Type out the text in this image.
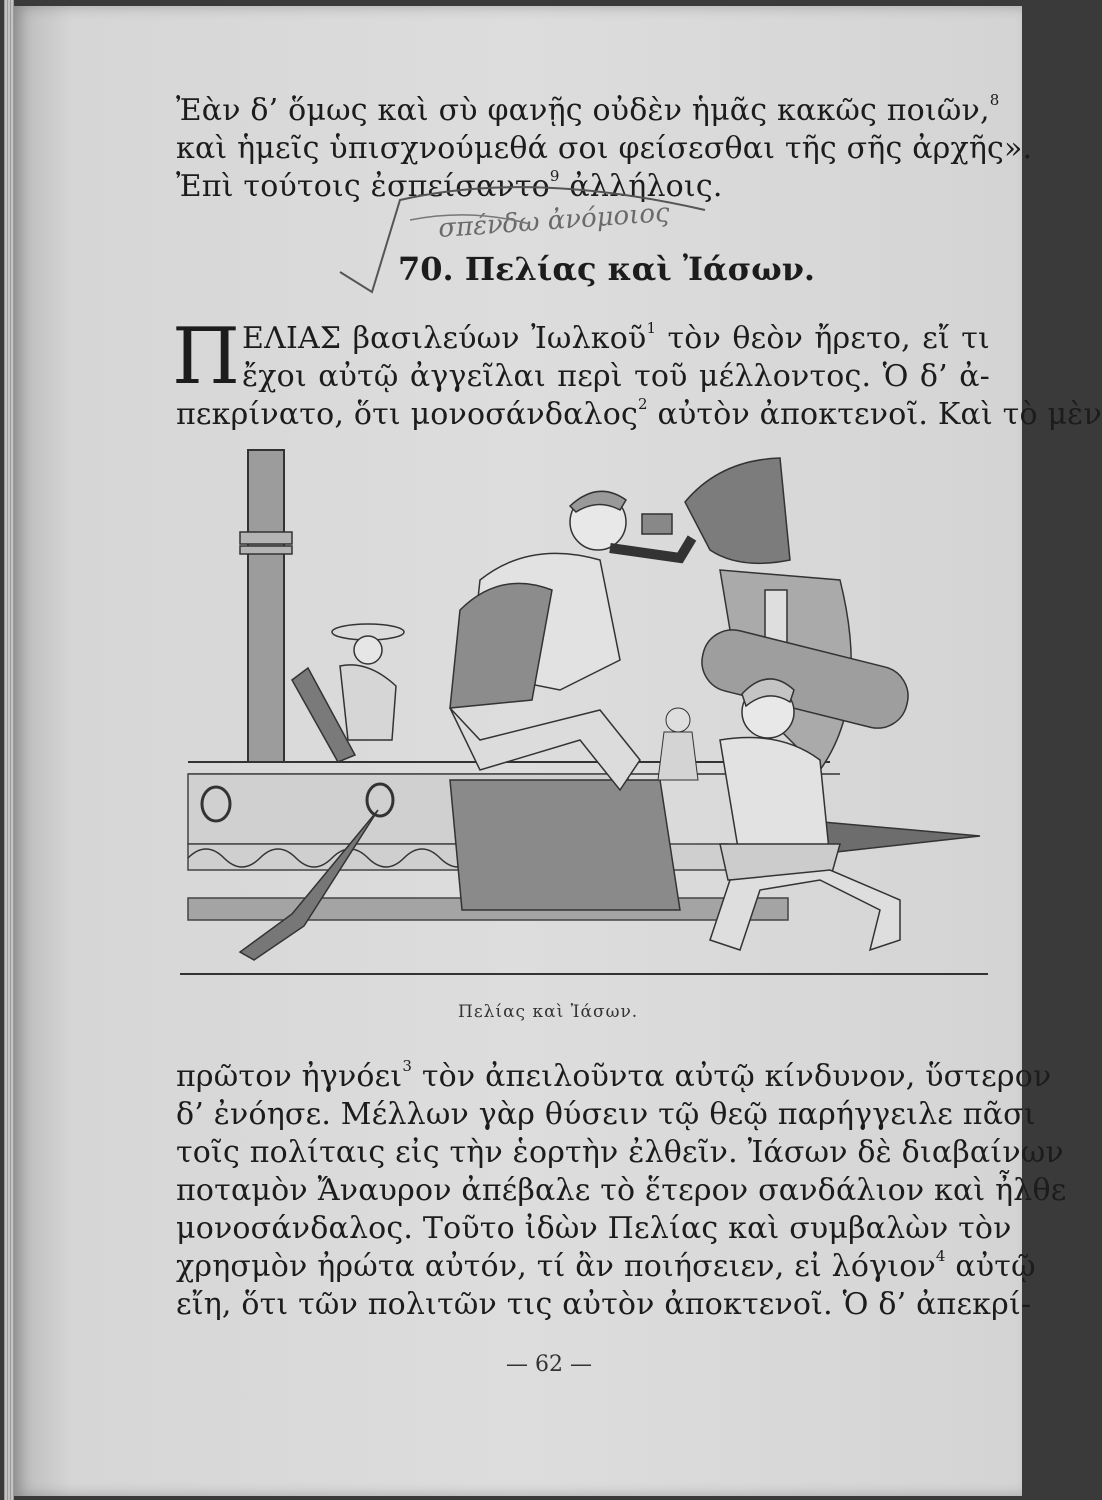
Ἐὰν δ’ ὅμως καὶ σὺ φανῇς οὐδὲν ἡμᾶς κακῶς ποιῶν,$^8$
καὶ ἡμεῖς ὑπισχνούμεθά σοι φείσεσθαι τῆς σῆς ἀρχῆς».
Ἐπὶ τούτοις ἐσπείσαντο$^9$ ἀλλήλοις.
σπένδω ἀνόμοιος
70. Πελίας καὶ Ἰάσων.
Π ΕΛΙΑΣ βασιλεύων Ἰωλκοῦ$^1$ τὸν θεὸν ἤρετο, εἴ τι
ἔχοι αὐτῷ ἀγγεῖλαι περὶ τοῦ μέλλοντος. Ὁ δ’ ἀ-
πεκρίνατο, ὅτι μονοσάνδαλος$^2$ αὐτὸν ἀποκτενοῖ. Καὶ τὸ μὲν
Πελίας καὶ Ἰάσων.
πρῶτον ἠγνόει$^3$ τὸν ἀπειλοῦντα αὐτῷ κίνδυνον, ὕστερον
δ’ ἐνόησε. Μέλλων γὰρ θύσειν τῷ θεῷ παρήγγειλε πᾶσι
τοῖς πολίταις εἰς τὴν ἑορτὴν ἐλθεῖν. Ἰάσων δὲ διαβαίνων
ποταμὸν Ἄναυρον ἀπέβαλε τὸ ἕτερον σανδάλιον καὶ ἦλθε
μονοσάνδαλος. Τοῦτο ἰδὼν Πελίας καὶ συμβαλὼν τὸν
χρησμὸν ἠρώτα αὐτόν, τί ἂν ποιήσειεν, εἰ λόγιον$^4$ αὐτῷ
εἴη, ὅτι τῶν πολιτῶν τις αὐτὸν ἀποκτενοῖ. Ὁ δ’ ἀπεκρί-
— 62 —
